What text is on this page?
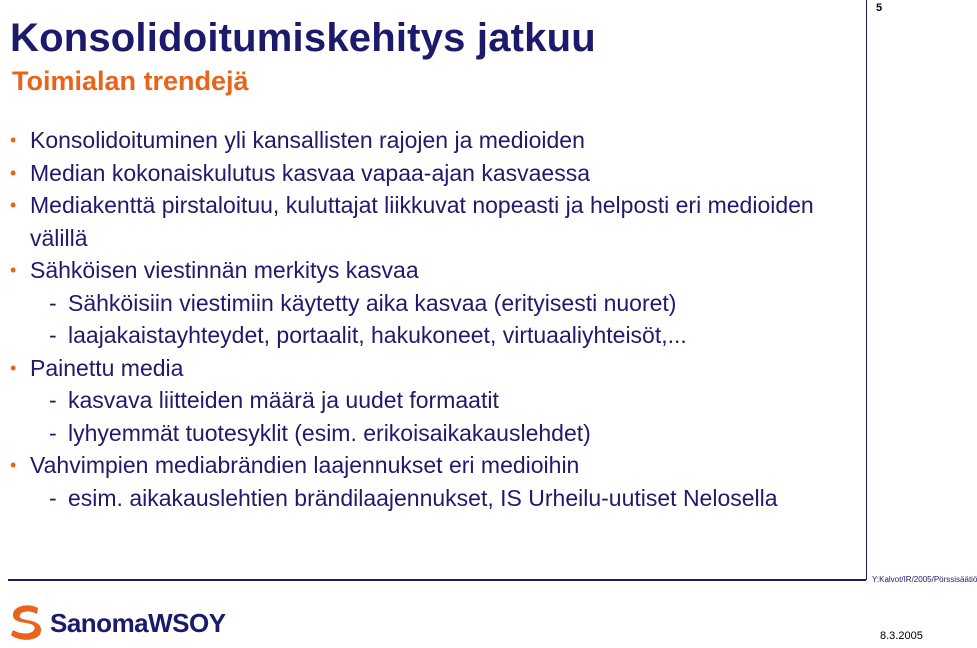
Konsolidoitumiskehitys jatkuu
Toimialan trendejä
5
• Konsolidoituminen yli kansallisten rajojen ja medioiden
• Median kokonaiskulutus kasvaa vapaa-ajan kasvaessa
• Mediakenttä pirstaloituu, kuluttajat liikkuvat nopeasti ja helposti eri medioiden välillä
• Sähköisen viestinnän merkitys kasvaa
- Sähköisiin viestimiin käytetty aika kasvaa (erityisesti nuoret)
- laajakaistayhteydet, portaalit, hakukoneet, virtuaaliyhteisöt,...
• Painettu media
- kasvava liitteiden määrä ja uudet formaatit
- lyhyemmät tuotesyklit (esim. erikoisaikakauslehdet)
• Vahvimpien mediabrändien laajennukset eri medioihin
- esim. aikakauslehtien brändilaajennukset, IS Urheilu-uutiset Nelosella
Y:Kalvot/IR/2005/Pörssisäätiö
SanomaWSOY	8.3.2005
